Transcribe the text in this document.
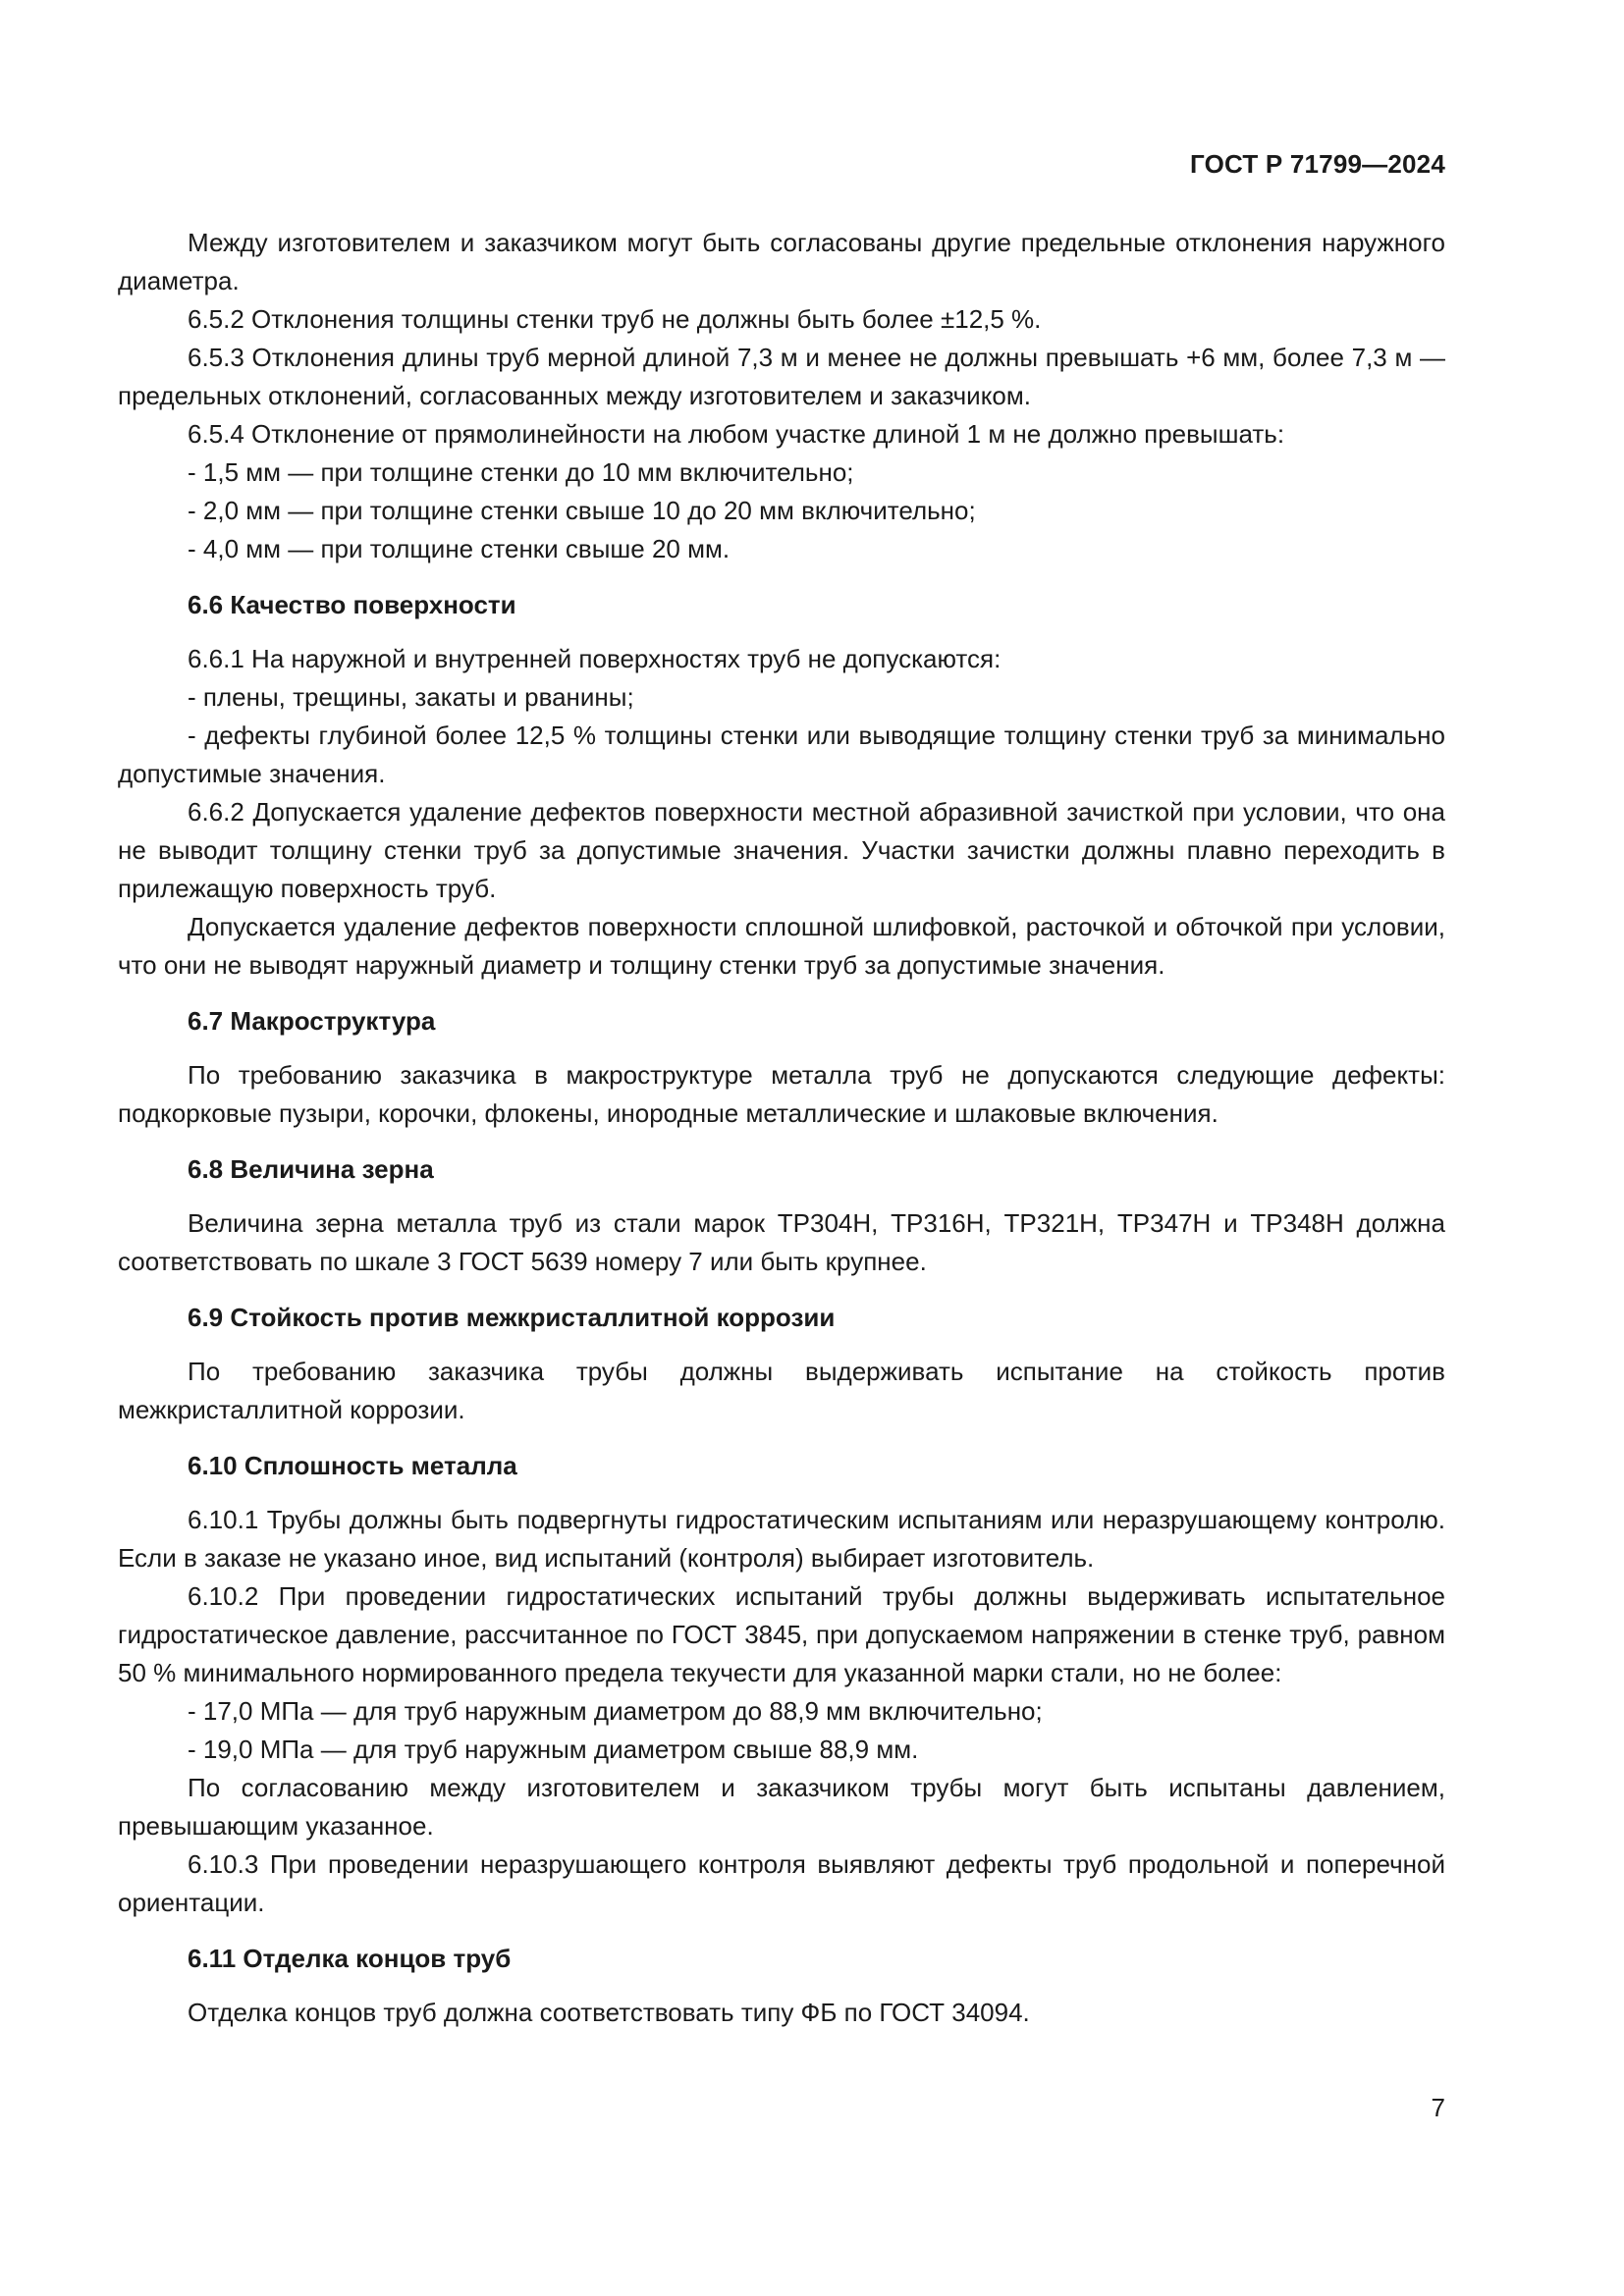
ГОСТ Р 71799—2024

Между изготовителем и заказчиком могут быть согласованы другие предельные отклонения наружного диаметра.

6.5.2 Отклонения толщины стенки труб не должны быть более ±12,5 %.

6.5.3 Отклонения длины труб мерной длиной 7,3 м и менее не должны превышать +6 мм, более 7,3 м — предельных отклонений, согласованных между изготовителем и заказчиком.

6.5.4 Отклонение от прямолинейности на любом участке длиной 1 м не должно превышать:

- 1,5 мм — при толщине стенки до 10 мм включительно;

- 2,0 мм — при толщине стенки свыше 10 до 20 мм включительно;

- 4,0 мм — при толщине стенки свыше 20 мм.

6.6 Качество поверхности

6.6.1 На наружной и внутренней поверхностях труб не допускаются:

- плены, трещины, закаты и рванины;

- дефекты глубиной более 12,5 % толщины стенки или выводящие толщину стенки труб за минимально допустимые значения.

6.6.2 Допускается удаление дефектов поверхности местной абразивной зачисткой при условии, что она не выводит толщину стенки труб за допустимые значения. Участки зачистки должны плавно переходить в прилежащую поверхность труб.

Допускается удаление дефектов поверхности сплошной шлифовкой, расточкой и обточкой при условии, что они не выводят наружный диаметр и толщину стенки труб за допустимые значения.

6.7 Макроструктура

По требованию заказчика в макроструктуре металла труб не допускаются следующие дефекты: подкорковые пузыри, корочки, флокены, инородные металлические и шлаковые включения.

6.8 Величина зерна

Величина зерна металла труб из стали марок ТР304Н, ТР316Н, ТР321Н, ТР347Н и ТР348Н должна соответствовать по шкале 3 ГОСТ 5639 номеру 7 или быть крупнее.

6.9 Стойкость против межкристаллитной коррозии

По требованию заказчика трубы должны выдерживать испытание на стойкость против межкристаллитной коррозии.

6.10 Сплошность металла

6.10.1 Трубы должны быть подвергнуты гидростатическим испытаниям или неразрушающему контролю. Если в заказе не указано иное, вид испытаний (контроля) выбирает изготовитель.

6.10.2 При проведении гидростатических испытаний трубы должны выдерживать испытательное гидростатическое давление, рассчитанное по ГОСТ 3845, при допускаемом напряжении в стенке труб, равном 50 % минимального нормированного предела текучести для указанной марки стали, но не более:

- 17,0 МПа — для труб наружным диаметром до 88,9 мм включительно;

- 19,0 МПа — для труб наружным диаметром свыше 88,9 мм.

По согласованию между изготовителем и заказчиком трубы могут быть испытаны давлением, превышающим указанное.

6.10.3 При проведении неразрушающего контроля выявляют дефекты труб продольной и поперечной ориентации.

6.11 Отделка концов труб

Отделка концов труб должна соответствовать типу ФБ по ГОСТ 34094.

7
